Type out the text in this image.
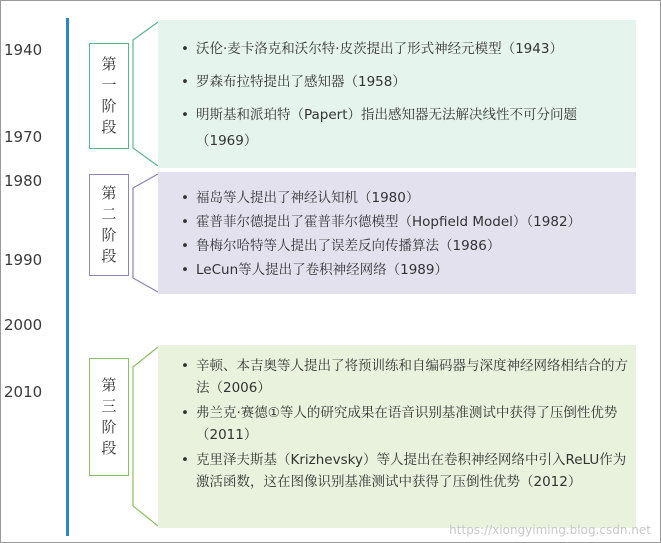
1940
1970
1980
1990
2000
2010
第
一
阶
段
• 沃伦·麦卡洛克和沃尔特·皮茨提出了形式神经元模型（1943）
• 罗森布拉特提出了感知器（1958）
• 明斯基和派珀特（Papert）指出感知器无法解决线性不可分问题（1969）
第
二
阶
段
• 福岛等人提出了神经认知机（1980）
• 霍普菲尔德提出了霍普菲尔德模型（Hopfield Model）（1982）
• 鲁梅尔哈特等人提出了误差反向传播算法（1986）
• LeCun等人提出了卷积神经网络（1989）
第
三
阶
段
• 辛顿、本吉奥等人提出了将预训练和自编码器与深度神经网络相结合的方法（2006）
• 弗兰克·赛德①等人的研究成果在语音识别基准测试中获得了压倒性优势（2011）
• 克里泽夫斯基（Krizhevsky）等人提出在卷积神经网络中引入ReLU作为激活函数，这在图像识别基准测试中获得了压倒性优势（2012）
https://xiongyiming.blog.csdn.net
